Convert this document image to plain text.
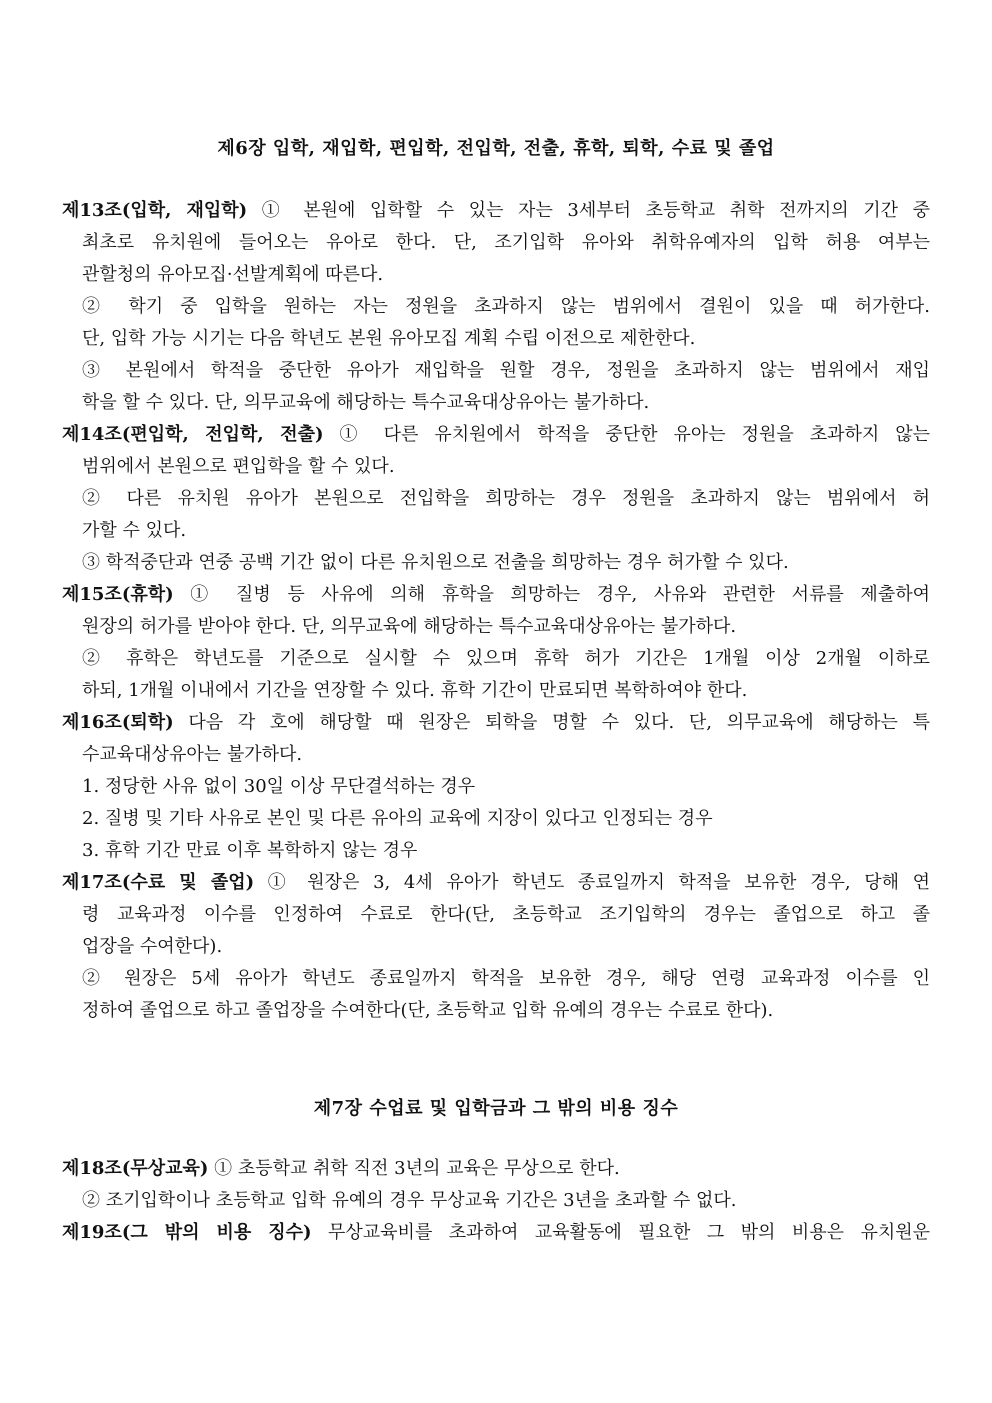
제6장 입학, 재입학, 편입학, 전입학, 전출, 휴학, 퇴학, 수료 및 졸업
제13조(입학, 재입학) ① 본원에 입학할 수 있는 자는 3세부터 초등학교 취학 전까지의 기간 중
최초로 유치원에 들어오는 유아로 한다. 단, 조기입학 유아와 취학유예자의 입학 허용 여부는
관할청의 유아모집·선발계획에 따른다.
② 학기 중 입학을 원하는 자는 정원을 초과하지 않는 범위에서 결원이 있을 때 허가한다.
단, 입학 가능 시기는 다음 학년도 본원 유아모집 계획 수립 이전으로 제한한다.
③ 본원에서 학적을 중단한 유아가 재입학을 원할 경우, 정원을 초과하지 않는 범위에서 재입
학을 할 수 있다. 단, 의무교육에 해당하는 특수교육대상유아는 불가하다.
제14조(편입학, 전입학, 전출) ① 다른 유치원에서 학적을 중단한 유아는 정원을 초과하지 않는
범위에서 본원으로 편입학을 할 수 있다.
② 다른 유치원 유아가 본원으로 전입학을 희망하는 경우 정원을 초과하지 않는 범위에서 허
가할 수 있다.
③ 학적중단과 연중 공백 기간 없이 다른 유치원으로 전출을 희망하는 경우 허가할 수 있다.
제15조(휴학) ① 질병 등 사유에 의해 휴학을 희망하는 경우, 사유와 관련한 서류를 제출하여
원장의 허가를 받아야 한다. 단, 의무교육에 해당하는 특수교육대상유아는 불가하다.
② 휴학은 학년도를 기준으로 실시할 수 있으며 휴학 허가 기간은 1개월 이상 2개월 이하로
하되, 1개월 이내에서 기간을 연장할 수 있다. 휴학 기간이 만료되면 복학하여야 한다.
제16조(퇴학) 다음 각 호에 해당할 때 원장은 퇴학을 명할 수 있다. 단, 의무교육에 해당하는 특
수교육대상유아는 불가하다.
1. 정당한 사유 없이 30일 이상 무단결석하는 경우
2. 질병 및 기타 사유로 본인 및 다른 유아의 교육에 지장이 있다고 인정되는 경우
3. 휴학 기간 만료 이후 복학하지 않는 경우
제17조(수료 및 졸업) ① 원장은 3, 4세 유아가 학년도 종료일까지 학적을 보유한 경우, 당해 연
령 교육과정 이수를 인정하여 수료로 한다(단, 초등학교 조기입학의 경우는 졸업으로 하고 졸
업장을 수여한다).
② 원장은 5세 유아가 학년도 종료일까지 학적을 보유한 경우, 해당 연령 교육과정 이수를 인
정하여 졸업으로 하고 졸업장을 수여한다(단, 초등학교 입학 유예의 경우는 수료로 한다).
제7장 수업료 및 입학금과 그 밖의 비용 징수
제18조(무상교육) ① 초등학교 취학 직전 3년의 교육은 무상으로 한다.
② 조기입학이나 초등학교 입학 유예의 경우 무상교육 기간은 3년을 초과할 수 없다.
제19조(그 밖의 비용 징수) 무상교육비를 초과하여 교육활동에 필요한 그 밖의 비용은 유치원운
